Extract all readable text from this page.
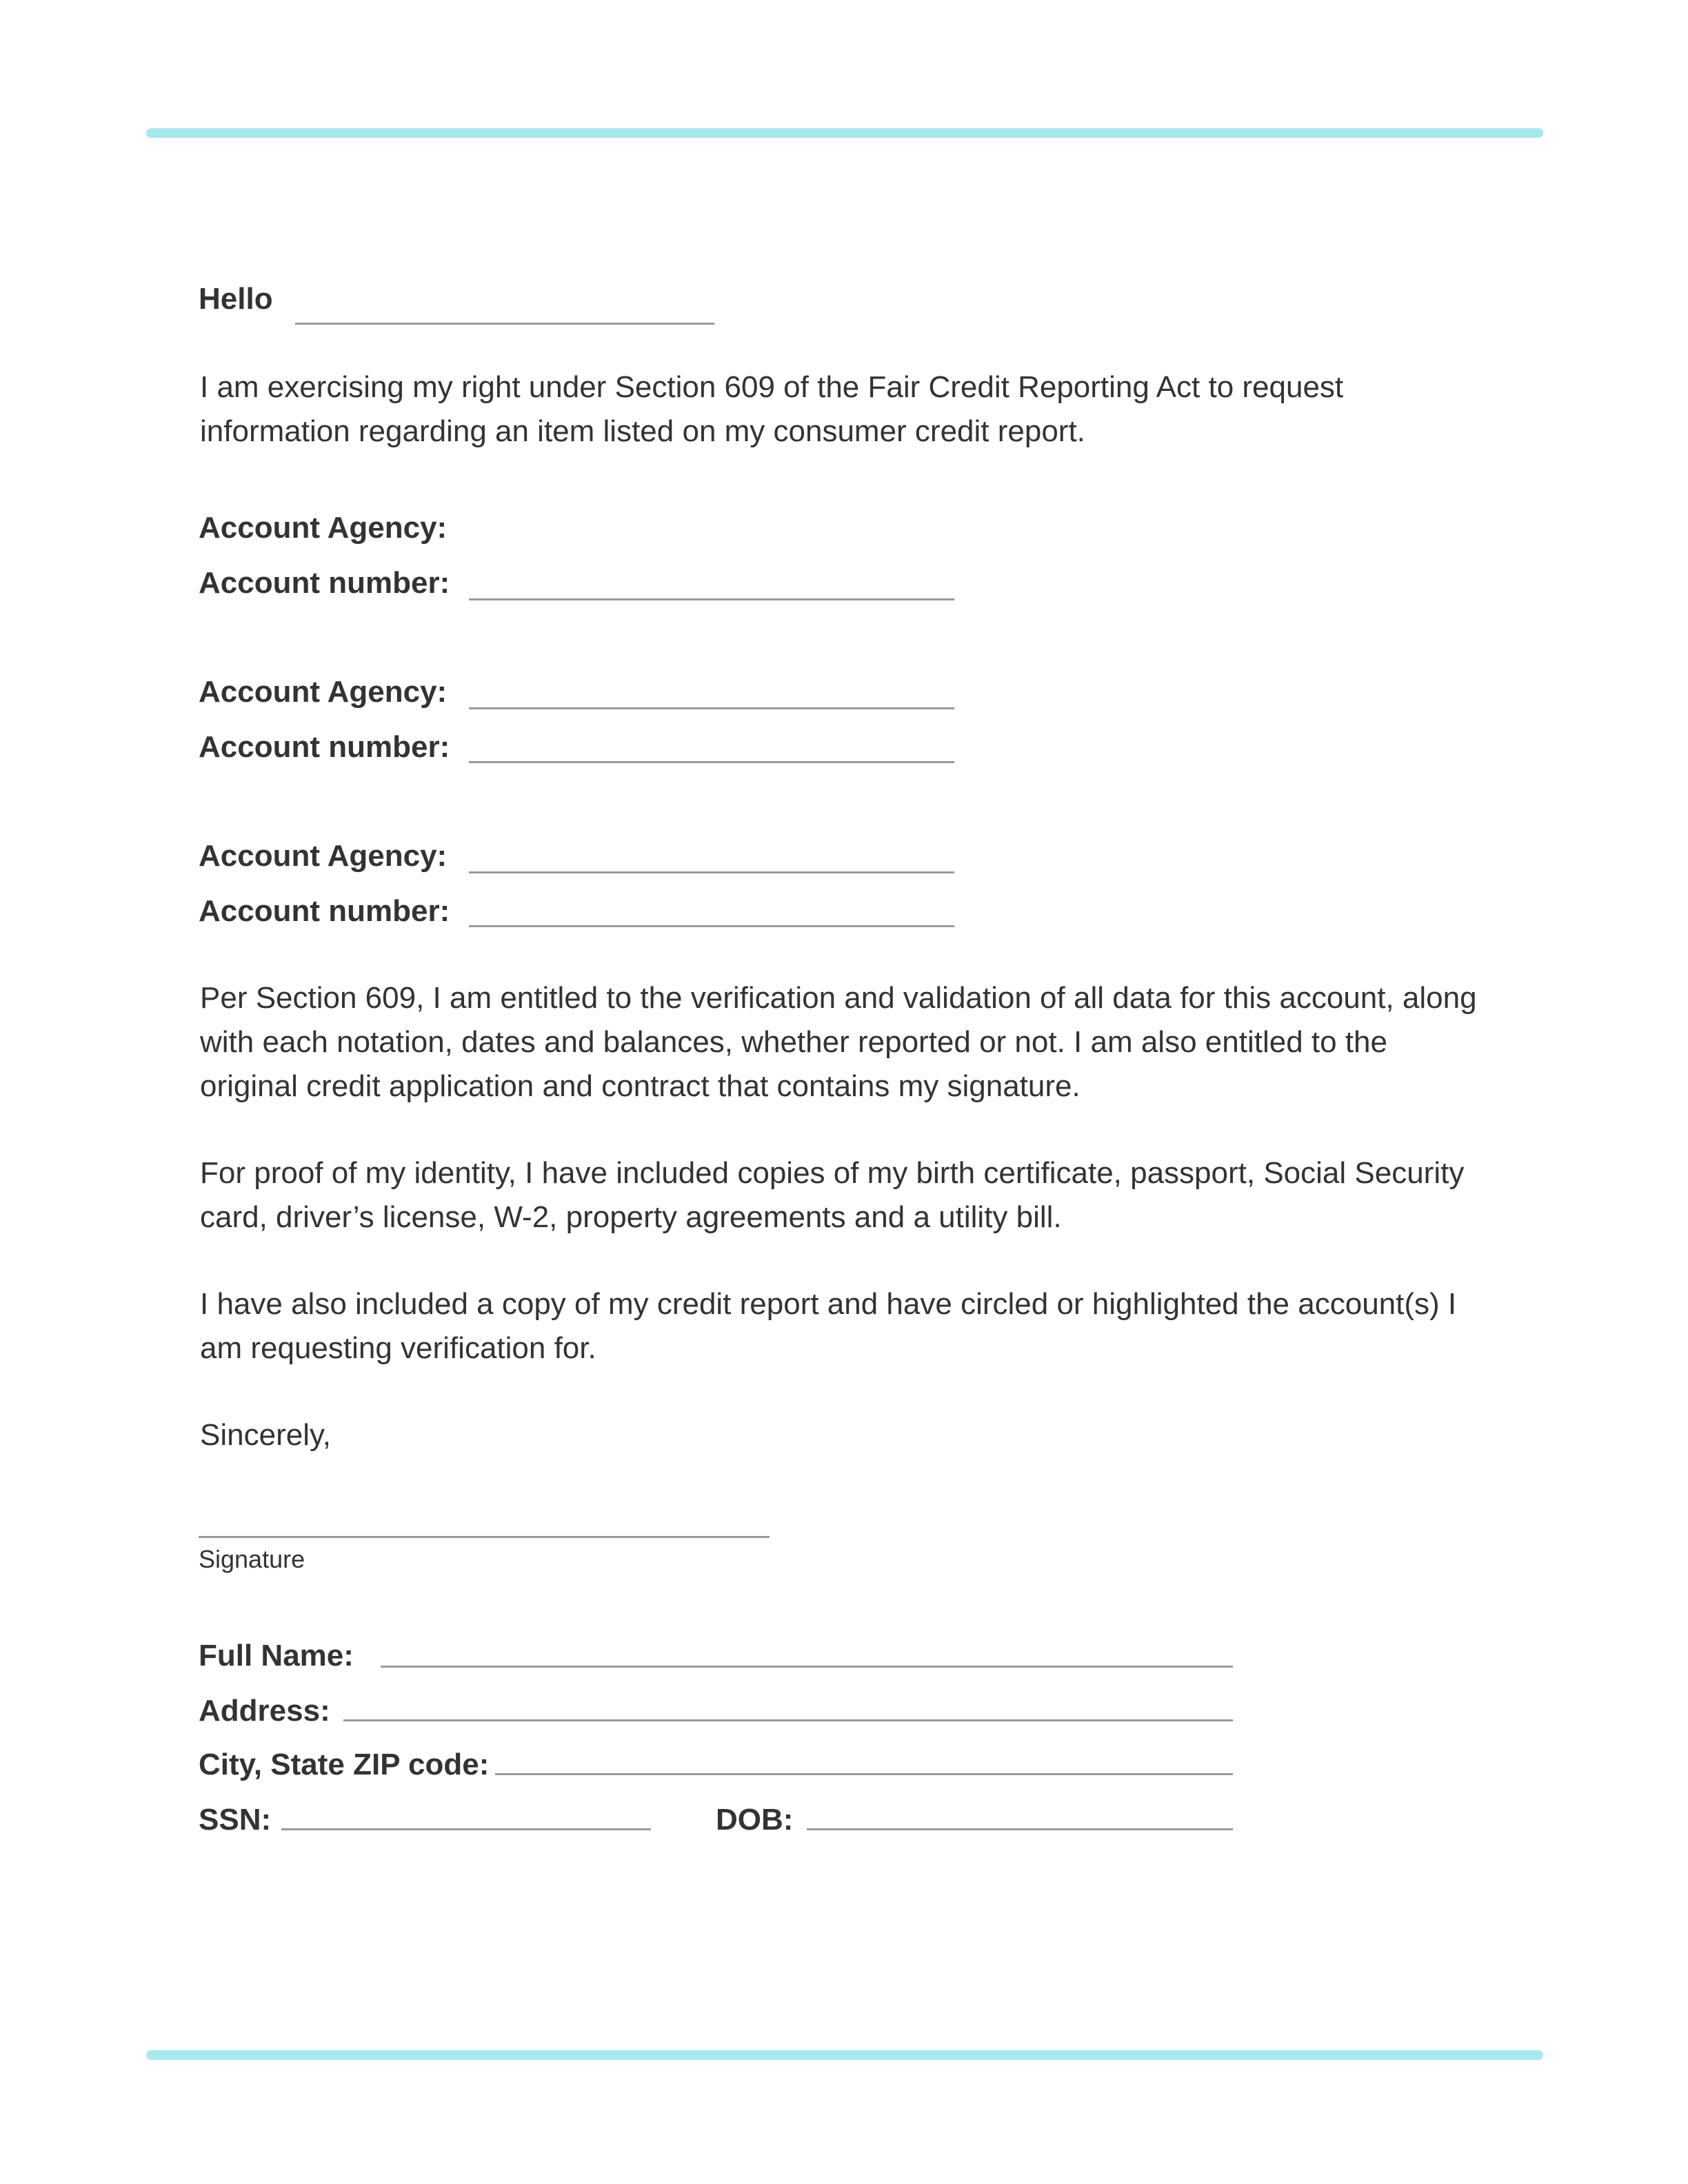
Hello
I am exercising my right under Section 609 of the Fair Credit Reporting Act to request information regarding an item listed on my consumer credit report.
Account Agency:
Account number:
Account Agency:
Account number:
Account Agency:
Account number:
Per Section 609, I am entitled to the verification and validation of all data for this account, along with each notation, dates and balances, whether reported or not. I am also entitled to the original credit application and contract that contains my signature.
For proof of my identity, I have included copies of my birth certificate, passport, Social Security card, driver’s license, W-2, property agreements and a utility bill.
I have also included a copy of my credit report and have circled or highlighted the account(s) I am requesting verification for.
Sincerely,
Signature
Full Name:
Address:
City, State ZIP code:
SSN:	DOB:
